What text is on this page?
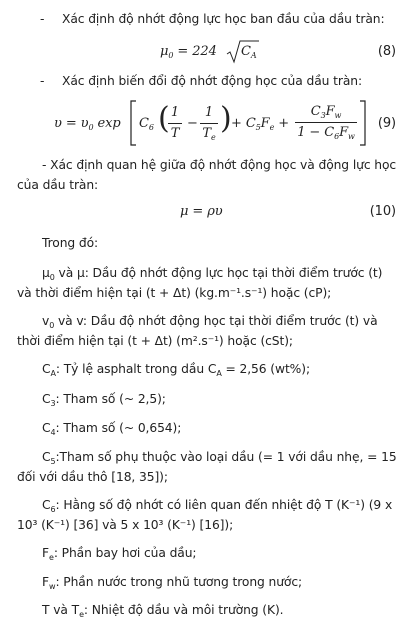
- Xác định độ nhớt động lực học ban đầu của dầu tràn:
$\mu_0 = 224$ $C_A$	(8)
- Xác định biến đổi độ nhớt động học của dầu tràn:
$\upsilon = \upsilon_0$ $\exp C_6$ (
$\frac{1}{T} - \frac{1}{T_e}$ ) + $C_5F_e + \frac{C_3F_w}{1 - C_6F_w} (9)$

- Xác định quan hệ giữa độ nhớt động học và động lực học của dầu tràn:

μ = ρυ	(10)
Trong đó:

$\mu_0$ và μ: Dầu độ nhớt động lực học tại thời điểm trước (t) và thời điểm hiện tại (t + Δt) (kg.m⁻¹.s⁻¹) hoặc (cP);

$v_0$ và v: Dầu độ nhớt động học tại thời điểm trước (t) và thời điểm hiện tại (t + Δt) (m².s⁻¹) hoặc (cSt);

$C_A$: Tỷ lệ asphalt trong dầu $C_A = 2,56$ (wt%);

$C_3$: Tham số (~ 2,5);

$C_4$: Tham số (~ 0,654);

$C_5:Tham$ số phụ thuộc vào loại dầu (= 1 với dầu nhẹ, = 15 đối với dầu thô [18, 35]);

$C_6$: Hằng số độ nhớt có liên quan đến nhiệt độ T (K⁻¹) (9 x 10³ (K⁻¹) [36] và 5 x 10³ (K⁻¹) [16]);

$F_e$: Phần bay hơi của dầu;

$F_w$: Phần nước trong nhũ tương trong nước;

T và $T_e$: Nhiệt độ dầu và môi trường (K).
